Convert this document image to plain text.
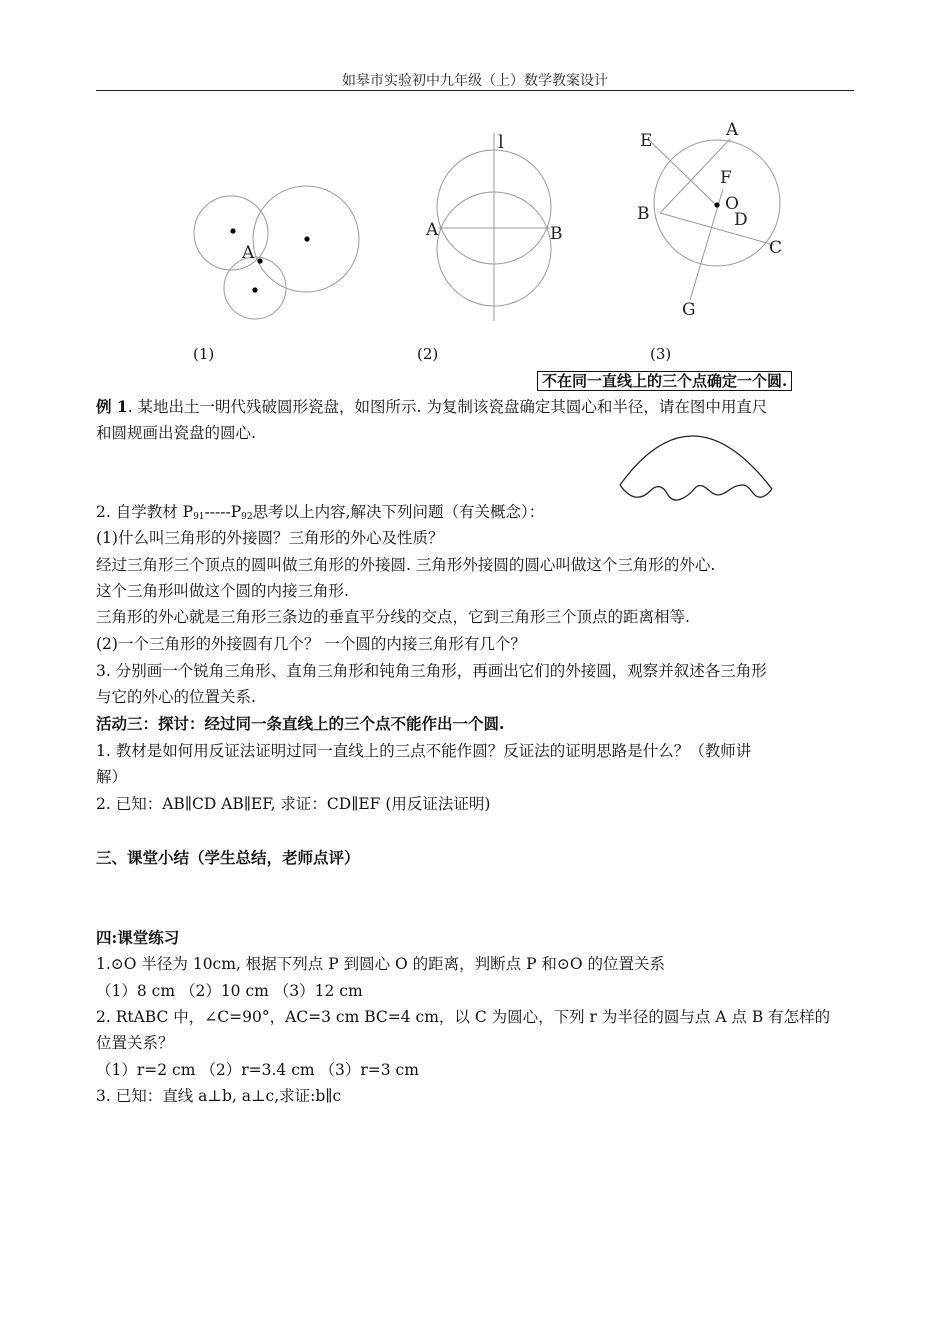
如皋市实验初中九年级（上）数学教案设计
A
l
A	B
E
A
F
O
B	D
C
G
(1)	(2)	(3)
不在同一直线上的三个点确定一个圆.
例 1. 某地出土一明代残破圆形瓷盘，如图所示. 为复制该瓷盘确定其圆心和半径，请在图中用直尺
和圆规画出瓷盘的圆心.
2. 自学教材 $P_{91}-----P_{92}$思考以上内容,解决下列问题（有关概念）：
(1)什么叫三角形的外接圆？三角形的外心及性质？
经过三角形三个顶点的圆叫做三角形的外接圆. 三角形外接圆的圆心叫做这个三角形的外心.
这个三角形叫做这个圆的内接三角形.
三角形的外心就是三角形三条边的垂直平分线的交点，它到三角形三个顶点的距离相等.
(2)一个三角形的外接圆有几个？ 一个圆的内接三角形有几个？
3. 分别画一个锐角三角形、直角三角形和钝角三角形，再画出它们的外接圆，观察并叙述各三角形
与它的外心的位置关系.
活动三：探讨：经过同一条直线上的三个点不能作出一个圆.
1. 教材是如何用反证法证明过同一直线上的三点不能作圆？反证法的证明思路是什么？（教师讲
解）
2. 已知：AB∥CD AB∥EF, 求证：CD∥EF (用反证法证明)
三、课堂小结（学生总结，老师点评）
四:课堂练习
1.⊙O 半径为 10cm, 根据下列点 P 到圆心 O 的距离，判断点 P 和⊙O 的位置关系
（1）8 cm （2）10 cm （3）12 cm
2. RtABC 中，∠C=90°，AC=3 cm BC=4 cm，以 C 为圆心，下列 r 为半径的圆与点 A 点 B 有怎样的
位置关系？
（1）r=2 cm （2）r=3.4 cm （3）r=3 cm
3. 已知：直线 a⊥b, a⊥c,求证:b∥c
